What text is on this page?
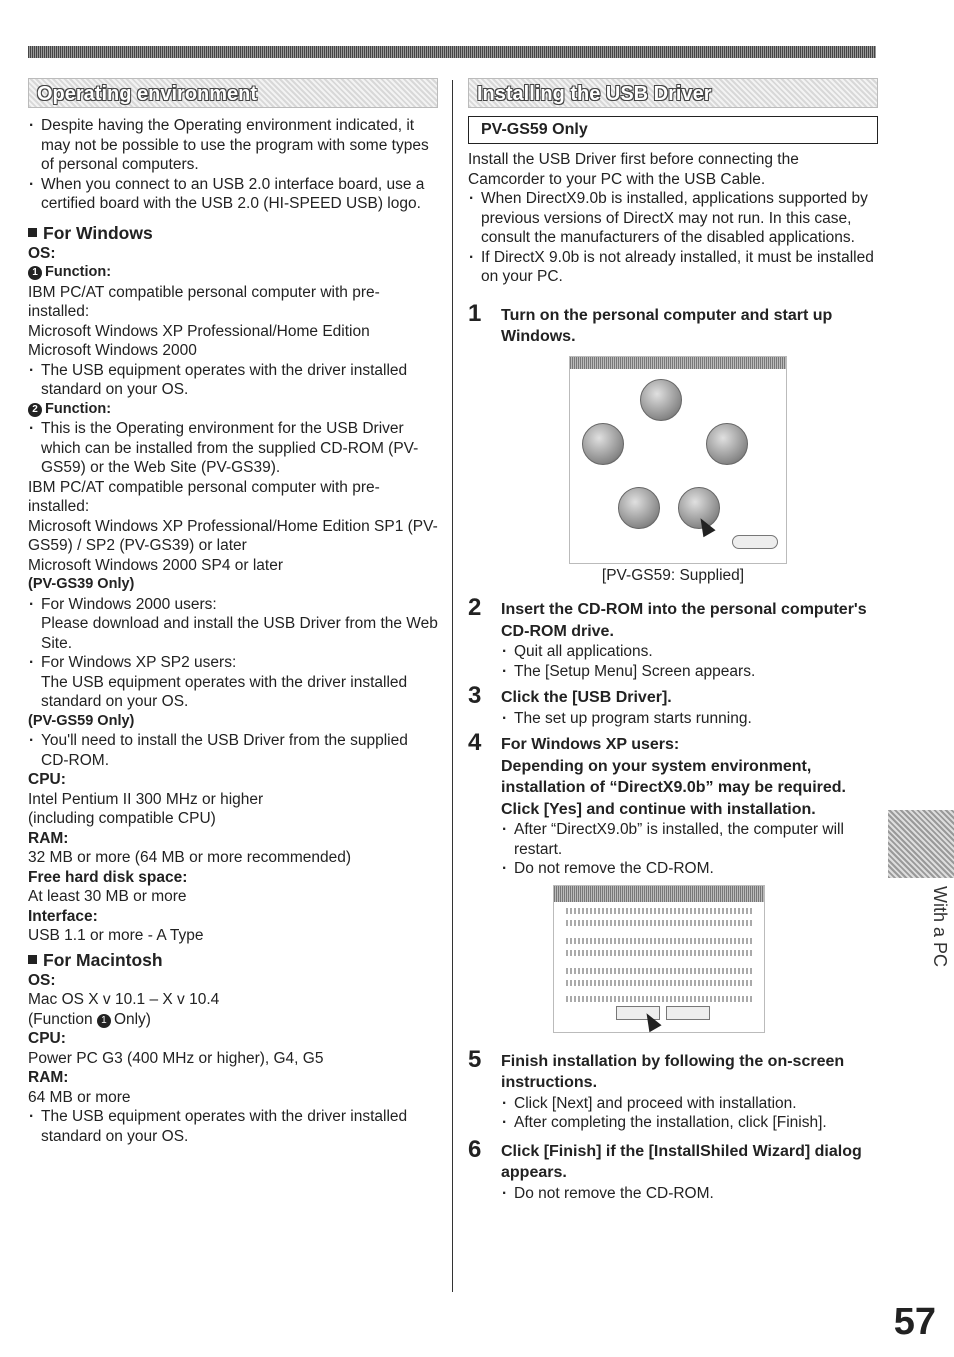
Operating environment
· Despite having the Operating environment indicated, it may not be possible to use the program with some types of personal computers.
· When you connect to an USB 2.0 interface board, use a certified board with the USB 2.0 (HI-SPEED USB) logo.
For Windows
OS:
1 Function:
IBM PC/AT compatible personal computer with pre-installed:
Microsoft Windows XP Professional/Home Edition
Microsoft Windows 2000
· The USB equipment operates with the driver installed standard on your OS.
2 Function:
· This is the Operating environment for the USB Driver which can be installed from the supplied CD-ROM (PV-GS59) or the Web Site (PV-GS39).
IBM PC/AT compatible personal computer with pre-installed:
Microsoft Windows XP Professional/Home Edition SP1 (PV-GS59) / SP2 (PV-GS39) or later
Microsoft Windows 2000 SP4 or later
(PV-GS39 Only)
· For Windows 2000 users:
Please download and install the USB Driver from the Web Site.
· For Windows XP SP2 users:
The USB equipment operates with the driver installed standard on your OS.
(PV-GS59 Only)
· You'll need to install the USB Driver from the supplied CD-ROM.
CPU:
Intel Pentium II 300 MHz or higher
(including compatible CPU)
RAM:
32 MB or more (64 MB or more recommended)
Free hard disk space:
At least 30 MB or more
Interface:
USB 1.1 or more - A Type
For Macintosh
OS:
Mac OS X v 10.1 – X v 10.4
(Function 1 Only)
CPU:
Power PC G3 (400 MHz or higher), G4, G5
RAM:
64 MB or more
· The USB equipment operates with the driver installed standard on your OS.
Installing the USB Driver
PV-GS59 Only
Install the USB Driver first before connecting the Camcorder to your PC with the USB Cable.
· When DirectX9.0b is installed, applications supported by previous versions of DirectX may not run. In this case, consult the manufacturers of the disabled applications.
· If DirectX 9.0b is not already installed, it must be installed on your PC.
1 Turn on the personal computer and start up Windows.
[PV-GS59: Supplied]
2 Insert the CD-ROM into the personal computer's CD-ROM drive.
· Quit all applications.
· The [Setup Menu] Screen appears.
3 Click the [USB Driver].
· The set up program starts running.
4 For Windows XP users:
Depending on your system environment, installation of “DirectX9.0b” may be required. Click [Yes] and continue with installation.
· After “DirectX9.0b” is installed, the computer will restart.
· Do not remove the CD-ROM.
5 Finish installation by following the on-screen instructions.
· Click [Next] and proceed with installation.
· After completing the installation, click [Finish].
6 Click [Finish] if the [InstallShiled Wizard] dialog appears.
· Do not remove the CD-ROM.
With a PC
57
